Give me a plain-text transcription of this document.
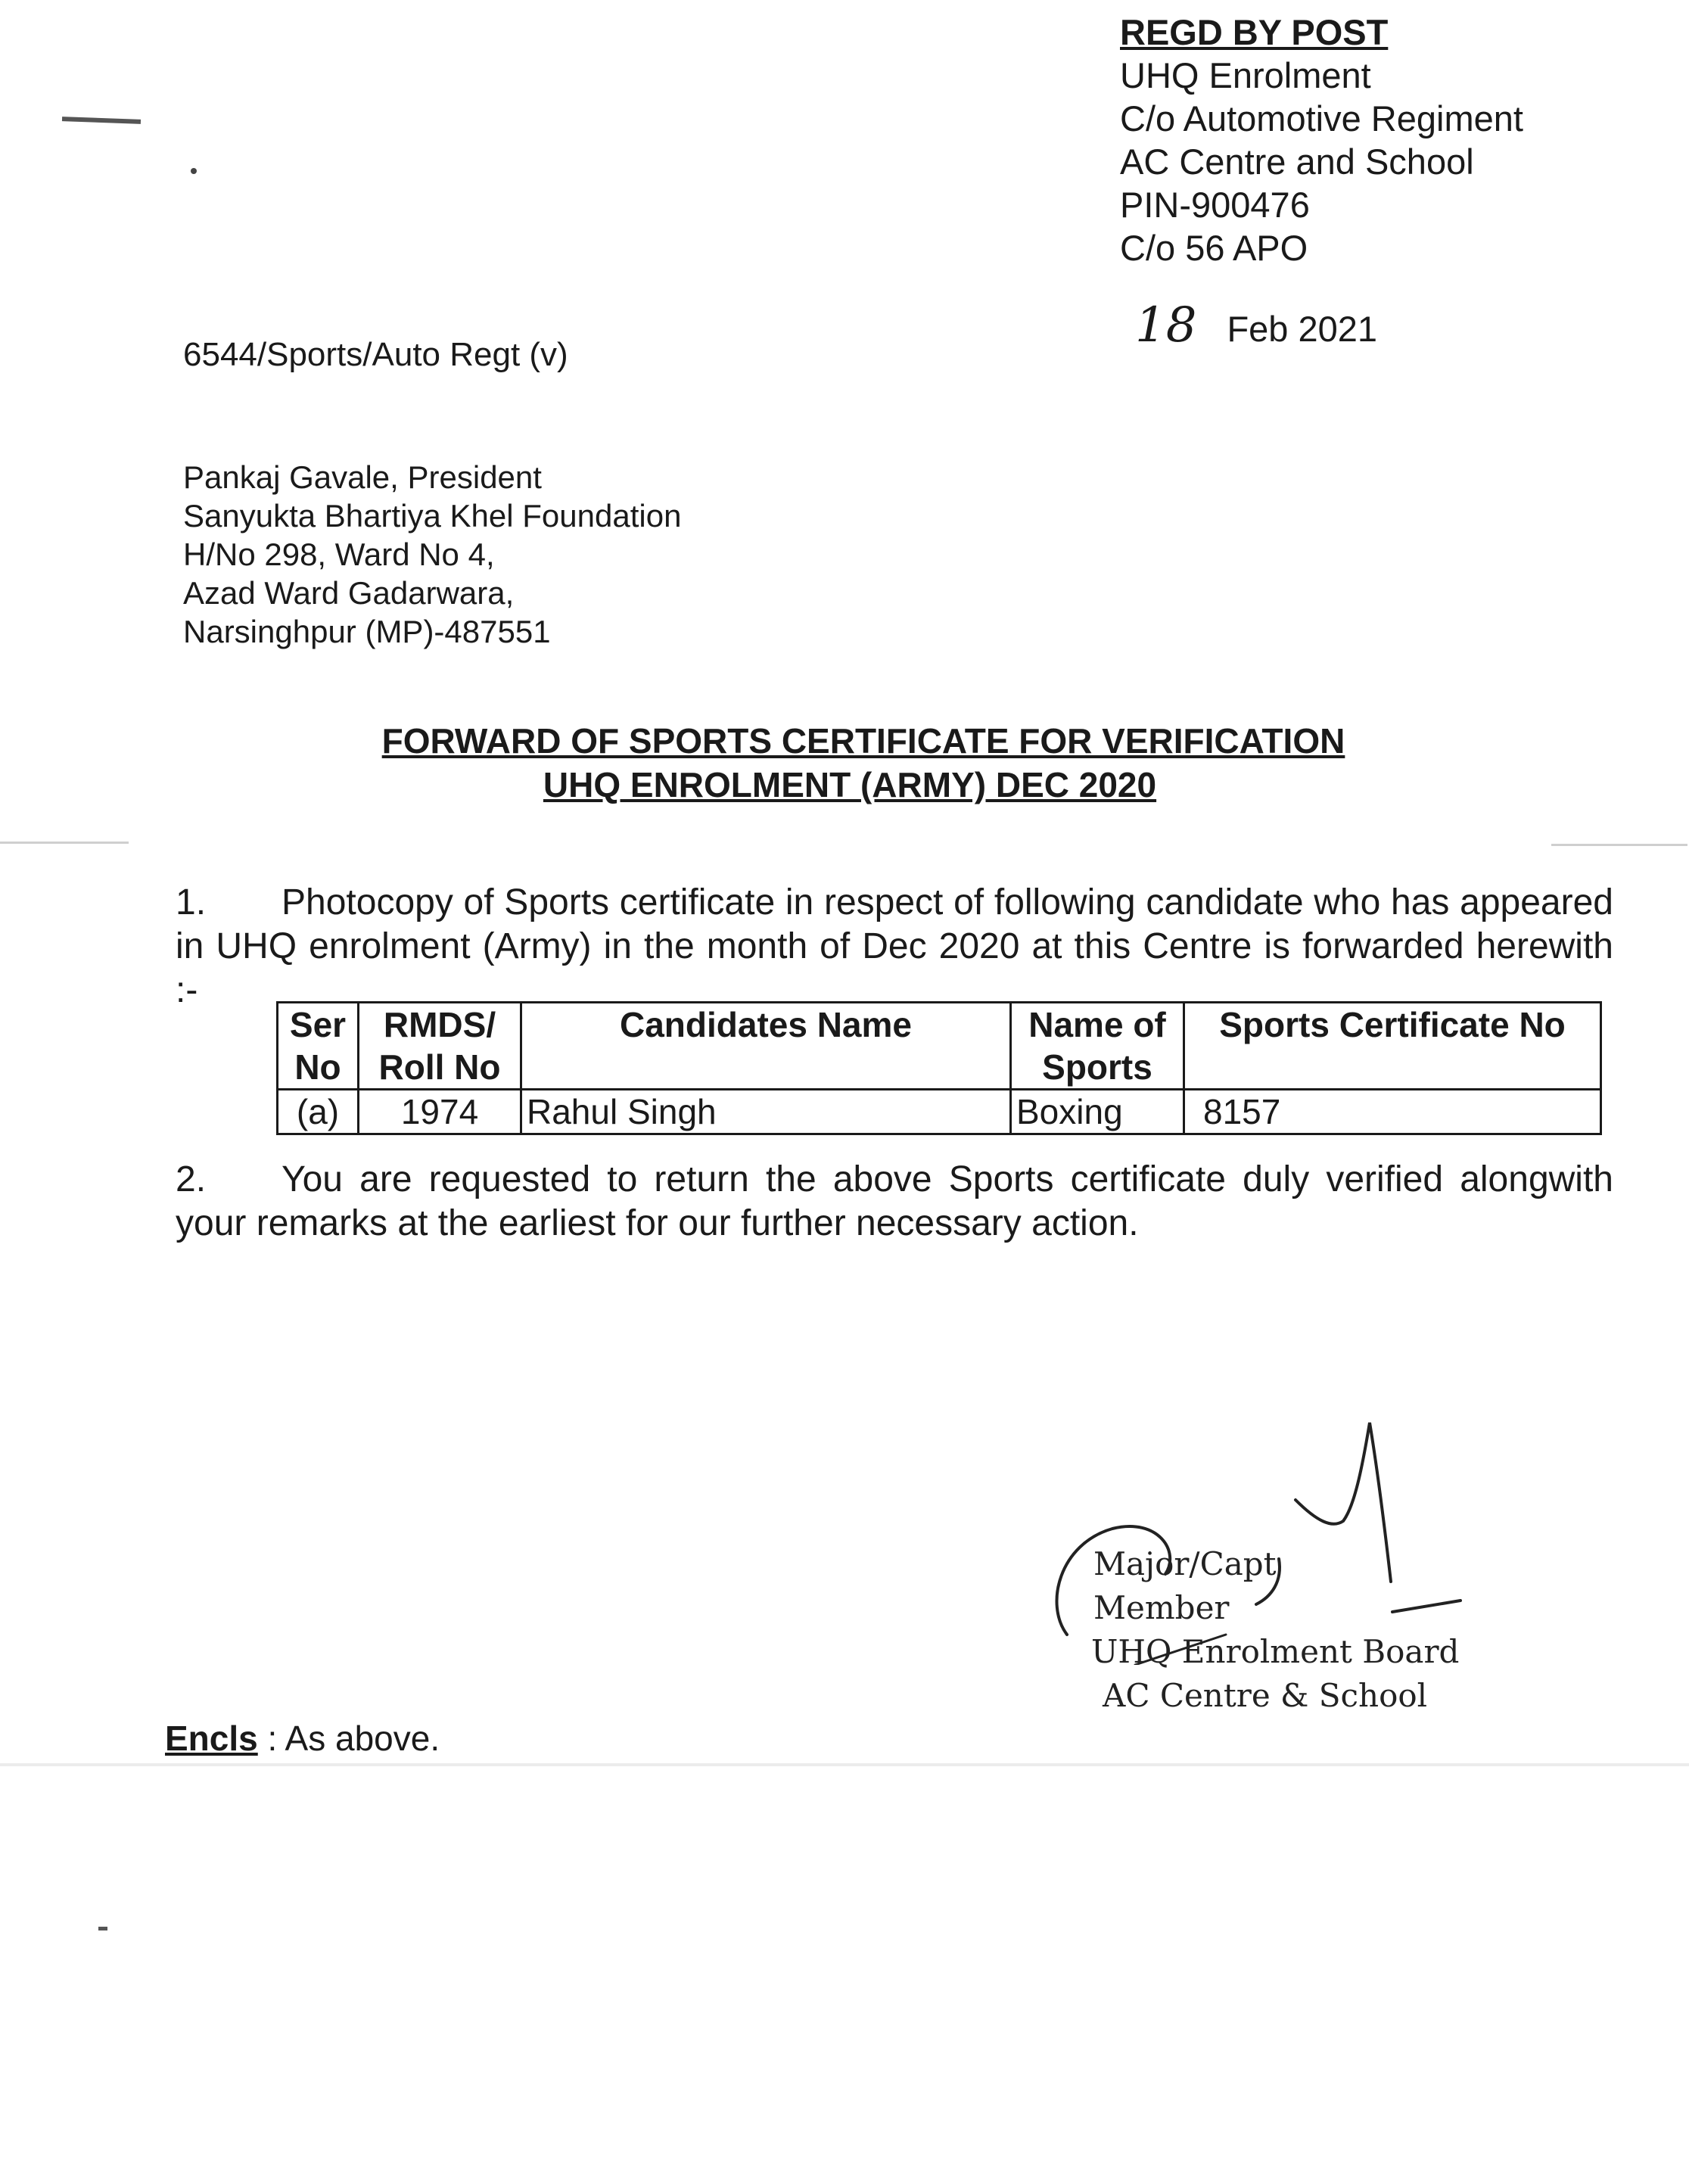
REGD BY POST
UHQ Enrolment
C/o Automotive Regiment
AC Centre and School
PIN-900476
C/o 56 APO
18 Feb 2021
6544/Sports/Auto Regt (v)
Pankaj Gavale, President
Sanyukta Bhartiya Khel Foundation
H/No 298, Ward No 4,
Azad Ward Gadarwara,
Narsinghpur (MP)-487551
FORWARD OF SPORTS CERTIFICATE FOR VERIFICATION
UHQ ENROLMENT (ARMY) DEC 2020
1. Photocopy of Sports certificate in respect of following candidate who has appeared in UHQ enrolment (Army) in the month of Dec 2020 at this Centre is forwarded herewith :-
Ser No	RMDS/ Roll No	Candidates Name	Name of Sports	Sports Certificate No
(a)	1974	Rahul Singh	Boxing	8157
2. You are requested to return the above Sports certificate duly verified alongwith your remarks at the earliest for our further necessary action.
Major/Capt
Member
UHQ Enrolment Board
AC Centre & School
Encls : As above.
